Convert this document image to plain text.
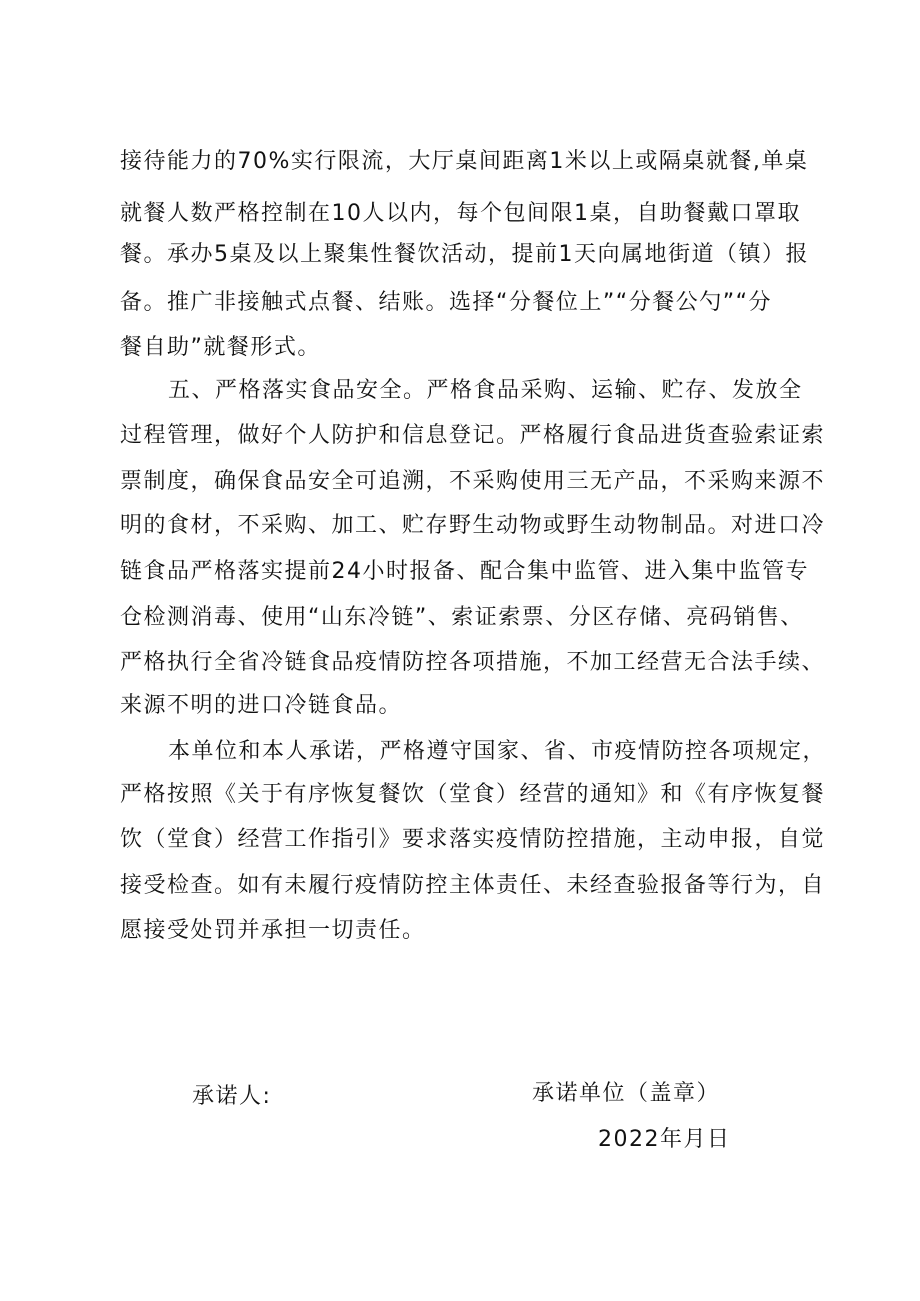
接待能力的70%实行限流，大厅桌间距离1米以上或隔桌就餐,单桌
就餐人数严格控制在10人以内，每个包间限1桌，自助餐戴口罩取
餐。承办5桌及以上聚集性餐饮活动，提前1天向属地街道（镇）报
备。推广非接触式点餐、结账。选择“分餐位上”“分餐公勺”“分
餐自助”就餐形式。
五、严格落实食品安全。严格食品采购、运输、贮存、发放全
过程管理，做好个人防护和信息登记。严格履行食品进货查验索证索
票制度，确保食品安全可追溯，不采购使用三无产品，不采购来源不
明的食材，不采购、加工、贮存野生动物或野生动物制品。对进口冷
链食品严格落实提前24小时报备、配合集中监管、进入集中监管专
仓检测消毒、使用“山东冷链”、索证索票、分区存储、亮码销售、
严格执行全省冷链食品疫情防控各项措施，不加工经营无合法手续、
来源不明的进口冷链食品。
本单位和本人承诺，严格遵守国家、省、市疫情防控各项规定，
严格按照《关于有序恢复餐饮（堂食）经营的通知》和《有序恢复餐
饮（堂食）经营工作指引》要求落实疫情防控措施，主动申报，自觉
接受检查。如有未履行疫情防控主体责任、未经查验报备等行为，自
愿接受处罚并承担一切责任。
承诺人:	承诺单位（盖章）
2022年月日
